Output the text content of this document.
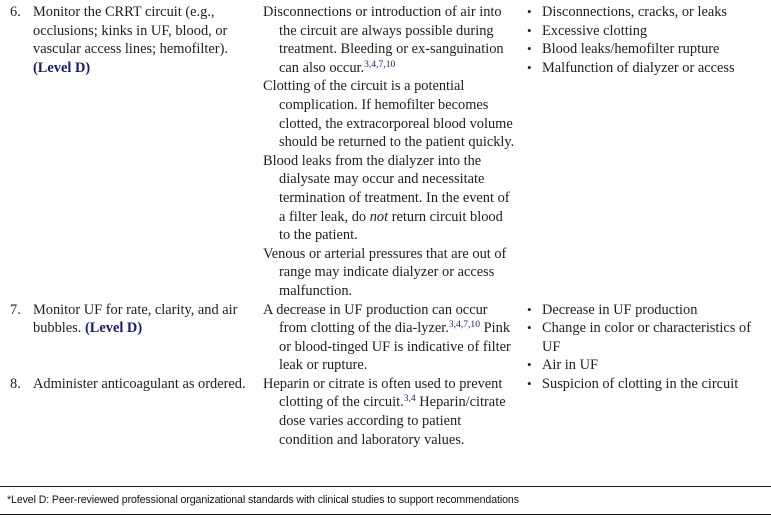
6. Monitor the CRRT circuit (e.g., occlusions; kinks in UF, blood, or vascular access lines; hemofilter). (Level D)

Disconnections or introduction of air into the circuit are always possible during treatment. Bleeding or ex-sanguination can also occur.$^{3,4,7,10}$

Clotting of the circuit is a potential complication. If hemofilter becomes clotted, the extracorporeal blood volume should be returned to the patient quickly.

Blood leaks from the dialyzer into the dialysate may occur and necessitate termination of treatment. In the event of a filter leak, do not return circuit blood to the patient.

Venous or arterial pressures that are out of range may indicate dialyzer or access malfunction.

• Disconnections, cracks, or leaks
• Excessive clotting
• Blood leaks/hemofilter rupture
• Malfunction of dialyzer or access
7. Monitor UF for rate, clarity, and air bubbles. (Level D)

A decrease in UF production can occur from clotting of the dia-lyzer.$^{3,4,7,10}$ Pink or blood-tinged UF is indicative of filter leak or rupture.

• Decrease in UF production
• Change in color or characteristics of UF
• Air in UF
8. Administer anticoagulant as ordered. Heparin or citrate is often used to prevent clotting of the circuit.$^{3,4}$ Heparin/citrate dose varies according to patient condition and laboratory values.

• Suspicion of clotting in the circuit
*Level D: Peer-reviewed professional organizational standards with clinical studies to support recommendations
